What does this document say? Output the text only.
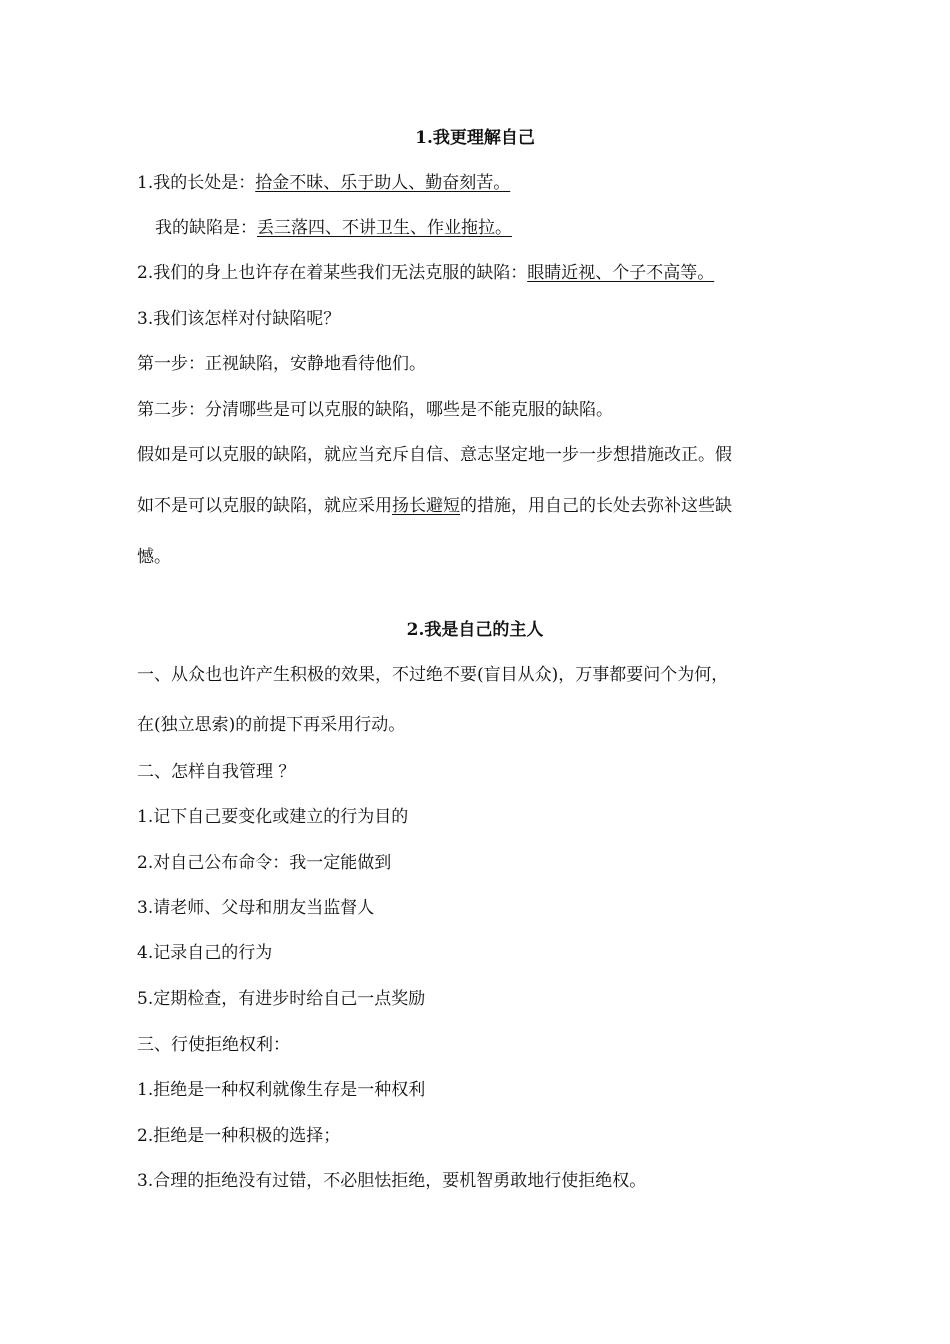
1.我更理解自己
1.我的长处是：拾金不昧、乐于助人、勤奋刻苦。
我的缺陷是：丢三落四、不讲卫生、作业拖拉。
2.我们的身上也许存在着某些我们无法克服的缺陷：眼睛近视、个子不高等。
3.我们该怎样对付缺陷呢？
第一步：正视缺陷，安静地看待他们。
第二步：分清哪些是可以克服的缺陷，哪些是不能克服的缺陷。
假如是可以克服的缺陷，就应当充斥自信、意志坚定地一步一步想措施改正。假
如不是可以克服的缺陷，就应采用扬长避短的措施，用自己的长处去弥补这些缺
憾。
2.我是自己的主人
一、从众也也许产生积极的效果，不过绝不要(盲目从众)，万事都要问个为何，
在(独立思索)的前提下再采用行动。
二、怎样自我管理 ？
1.记下自己要变化或建立的行为目的
2.对自己公布命令：我一定能做到
3.请老师、父母和朋友当监督人
4.记录自己的行为
5.定期检查，有进步时给自己一点奖励
三、行使拒绝权利：
1.拒绝是一种权利就像生存是一种权利
2.拒绝是一种积极的选择；
3.合理的拒绝没有过错，不必胆怯拒绝，要机智勇敢地行使拒绝权。
